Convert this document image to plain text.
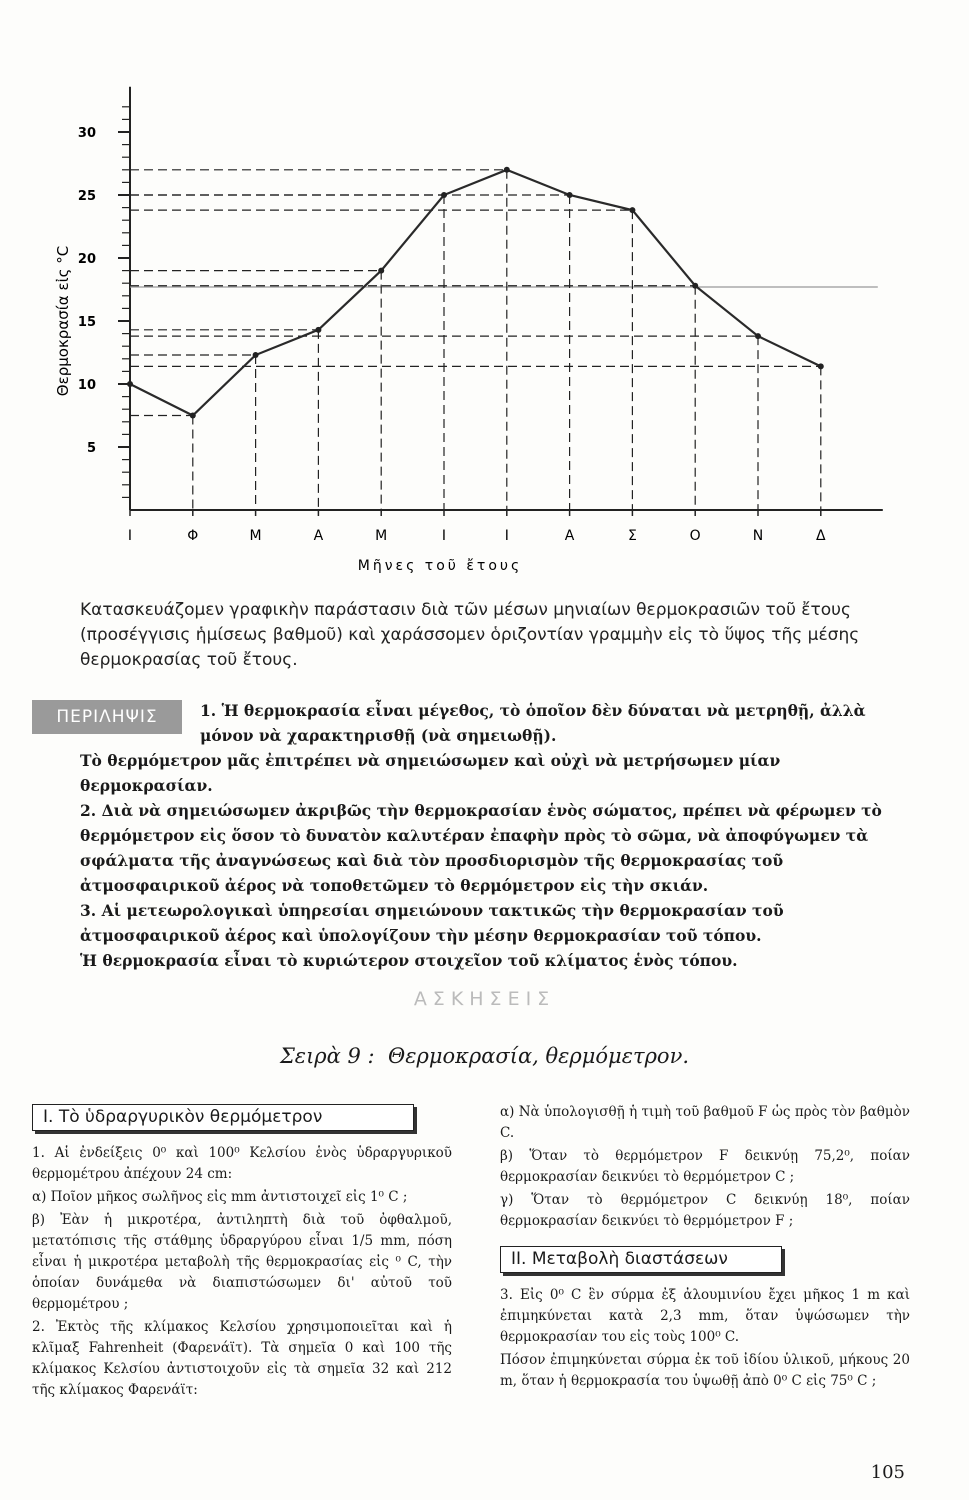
5
10
15
20
25
30
Θερμοκρασία εἰς °C
Ι	Φ	Μ	Α	Μ	Ι	Ι	Α	Σ	Ο	Ν	Δ
Μῆνες τοῦ ἔτους
Κατασκευάζομεν γραφικὴν παράστασιν διὰ τῶν μέσων μηνιαίων θερμοκρασιῶν τοῦ ἔτους (προσέγγισις ἡμίσεως βαθμοῦ) καὶ χαράσσομεν ὁριζοντίαν γραμμὴν εἰς τὸ ὕψος τῆς μέσης θερμοκρασίας τοῦ ἔτους.
ΠΕΡΙΛΗΨΙΣ	1. Ἡ θερμοκρασία εἶναι μέγεθος, τὸ ὁποῖον δὲν δύναται νὰ μετρηθῇ, ἀλλὰ μόνον νὰ χαρακτηρισθῇ (νὰ σημειωθῇ).

Τὸ θερμόμετρον μᾶς ἐπιτρέπει νὰ σημειώσωμεν καὶ οὐχὶ νὰ μετρήσωμεν μίαν θερμοκρασίαν.

2. Διὰ νὰ σημειώσωμεν ἀκριβῶς τὴν θερμοκρασίαν ἑνὸς σώματος, πρέπει νὰ φέρωμεν τὸ θερμόμετρον εἰς ὅσον τὸ δυνατὸν καλυτέραν ἐπαφὴν πρὸς τὸ σῶμα, νὰ ἀποφύγωμεν τὰ σφάλματα τῆς ἀναγνώσεως καὶ διὰ τὸν προσδιορισμὸν τῆς θερμοκρασίας τοῦ ἀτμοσφαιρικοῦ ἀέρος νὰ τοποθετῶμεν τὸ θερμόμετρον εἰς τὴν σκιάν.

3. Αἱ μετεωρολογικαὶ ὑπηρεσίαι σημειώνουν τακτικῶς τὴν θερμοκρασίαν τοῦ ἀτμοσφαιρικοῦ ἀέρος καὶ ὑπολογίζουν τὴν μέσην θερμοκρασίαν τοῦ τόπου.

Ἡ θερμοκρασία εἶναι τὸ κυριώτερον στοιχεῖον τοῦ κλίματος ἑνὸς τόπου.

ΑΣΚΗΣΕΙΣ
Σειρὰ 9 : Θερμοκρασία, θερμόμετρον.
Ι. Τὸ ὑδραργυρικὸν θερμόμετρον

1. Αἱ ἐνδείξεις 0⁰ καὶ 100⁰ Κελσίου ἑνὸς ὑδραργυρικοῦ θερμομέτρου ἀπέχουν 24 cm:

α) Ποῖον μῆκος σωλῆνος εἰς mm ἀντιστοιχεῖ εἰς 1⁰ C ;

β) Ἐὰν ἡ μικροτέρα, ἀντιληπτὴ διὰ τοῦ ὀφθαλμοῦ, μετατόπισις τῆς στάθμης ὑδραργύρου εἶναι 1/5 mm, πόση εἶναι ἡ μικροτέρα μεταβολὴ τῆς θερμοκρασίας εἰς ⁰ C, τὴν ὁποίαν δυνάμεθα νὰ διαπιστώσωμεν δι' αὐτοῦ τοῦ θερμομέτρου ;

2. Ἐκτὸς τῆς κλίμακος Κελσίου χρησιμοποιεῖται καὶ ἡ κλῖμαξ Fahrenheit (Φαρενάϊτ). Τὰ σημεῖα 0 καὶ 100 τῆς κλίμακος Κελσίου ἀντιστοιχοῦν εἰς τὰ σημεῖα 32 καὶ 212 τῆς κλίμακος Φαρενάϊτ:

α) Νὰ ὑπολογισθῇ ἡ τιμὴ τοῦ βαθμοῦ F ὡς πρὸς τὸν βαθμὸν C.

β) Ὅταν τὸ θερμόμετρον F δεικνύῃ 75,2⁰, ποίαν θερμοκρασίαν δεικνύει τὸ θερμόμετρον C ;

γ) Ὅταν τὸ θερμόμετρον C δεικνύῃ 18⁰, ποίαν θερμοκρασίαν δεικνύει τὸ θερμόμετρον F ;

ΙΙ. Μεταβολὴ διαστάσεων

3. Εἰς 0⁰ C ἓν σύρμα ἐξ ἀλουμινίου ἔχει μῆκος 1 m καὶ ἐπιμηκύνεται κατὰ 2,3 mm, ὅταν ὑψώσωμεν τὴν θερμοκρασίαν του εἰς τοὺς 100⁰ C.

Πόσον ἐπιμηκύνεται σύρμα ἐκ τοῦ ἰδίου ὑλικοῦ, μήκους 20 m, ὅταν ἡ θερμοκρασία του ὑψωθῇ ἀπὸ 0⁰ C εἰς 75⁰ C ;

105
